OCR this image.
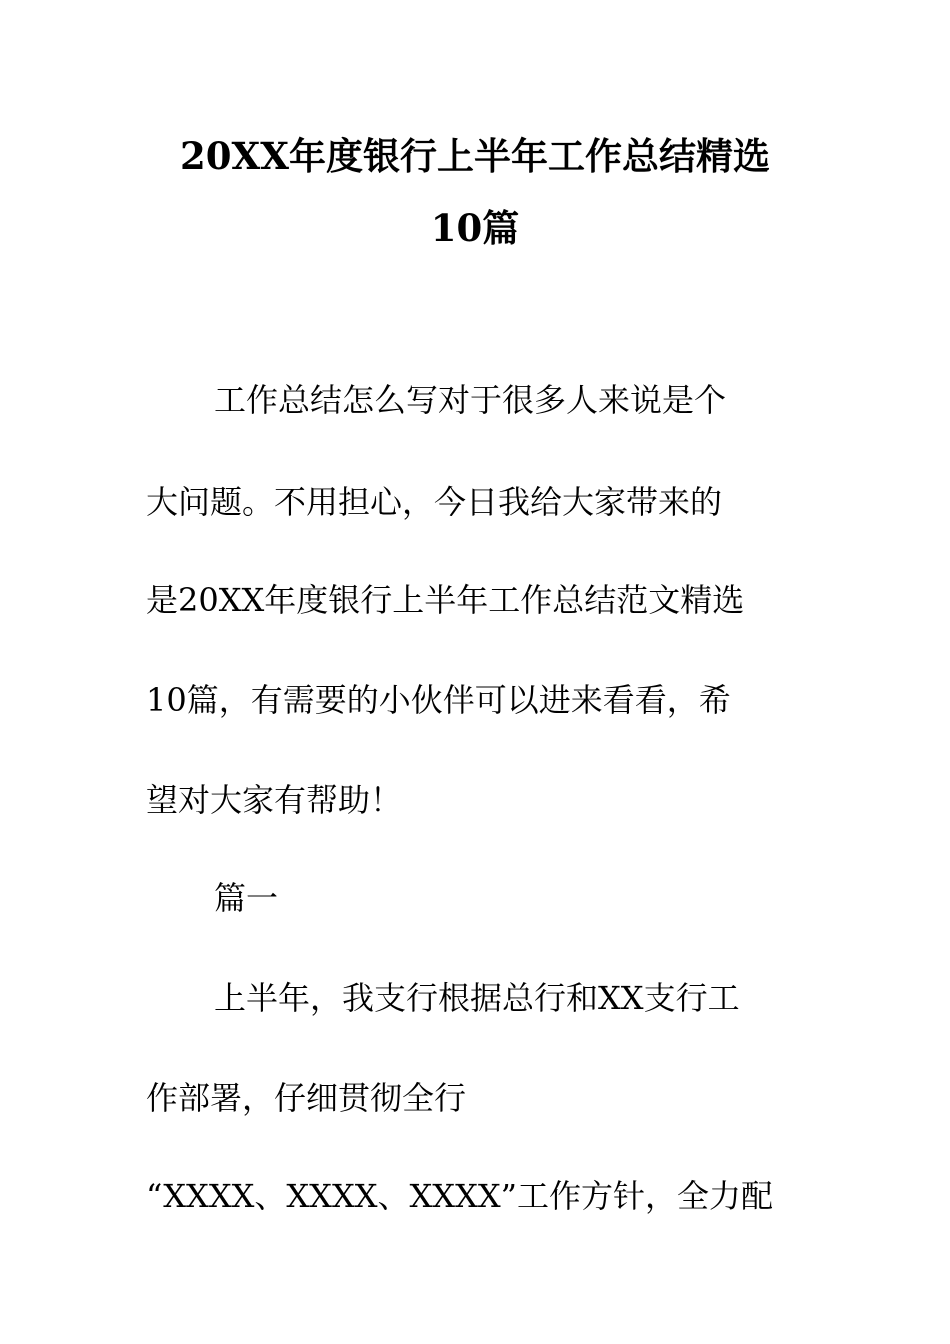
20XX年度银行上半年工作总结精选
10篇
工作总结怎么写对于很多人来说是个
大问题。不用担心，今日我给大家带来的
是20XX年度银行上半年工作总结范文精选
10篇，有需要的小伙伴可以进来看看，希
望对大家有帮助！
篇一
上半年，我支行根据总行和XX支行工
作部署，仔细贯彻全行
“XXXX、XXXX、XXXX”工作方针，全力配
